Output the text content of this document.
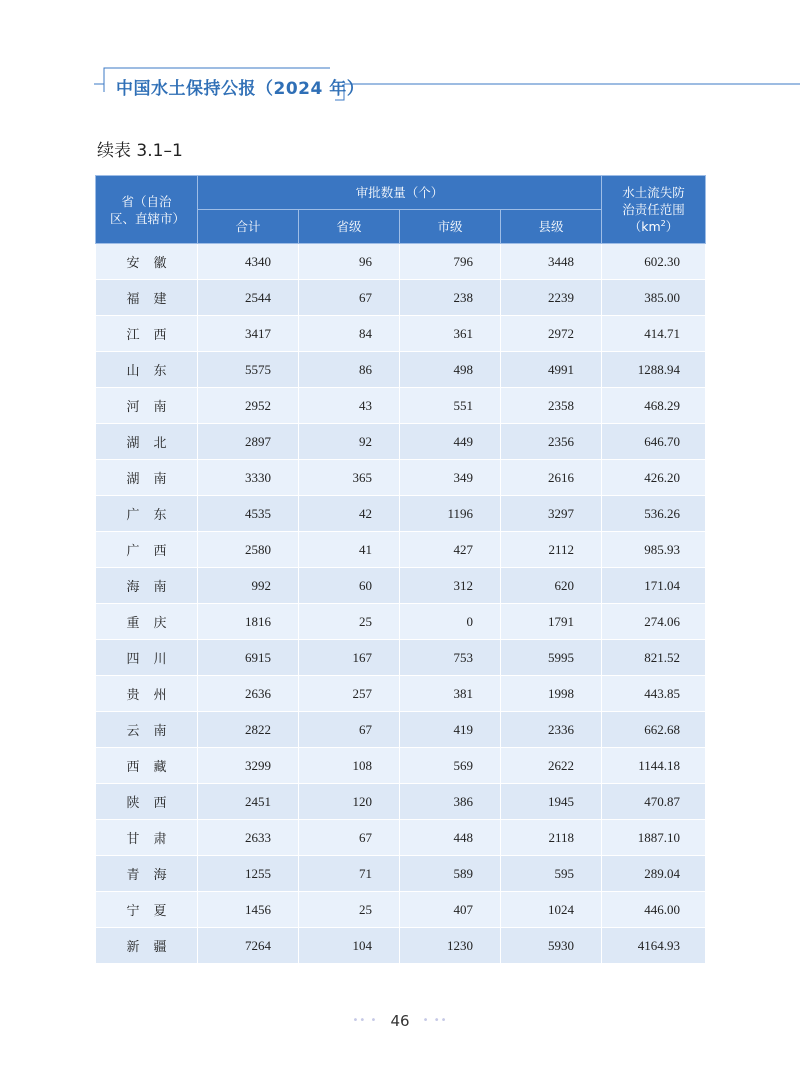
中国水土保持公报（2024 年）
续表 3.1–1
省（自治区、直辖市）	审批数量（个）				水土流失防治责任范围
$(km^2)$
	合计	省级	市级	县级	
安徽	4340	96	796	3448	602.30
福建	2544	67	238	2239	385.00
江西	3417	84	361	2972	414.71
山东	5575	86	498	4991	1288.94
河南	2952	43	551	2358	468.29
湖北	2897	92	449	2356	646.70
湖南	3330	365	349	2616	426.20
广东	4535	42	1196	3297	536.26
广西	2580	41	427	2112	985.93
海南	992	60	312	620	171.04
重庆	1816	25	0	1791	274.06
四川	6915	167	753	5995	821.52
贵州	2636	257	381	1998	443.85
云南	2822	67	419	2336	662.68
西藏	3299	108	569	2622	1144.18
陕西	2451	120	386	1945	470.87
甘肃	2633	67	448	2118	1887.10
青海	1255	71	589	595	289.04
宁夏	1456	25	407	1024	446.00
新疆	7264	104	1230	5930	4164.93
•• • 46 • ••
